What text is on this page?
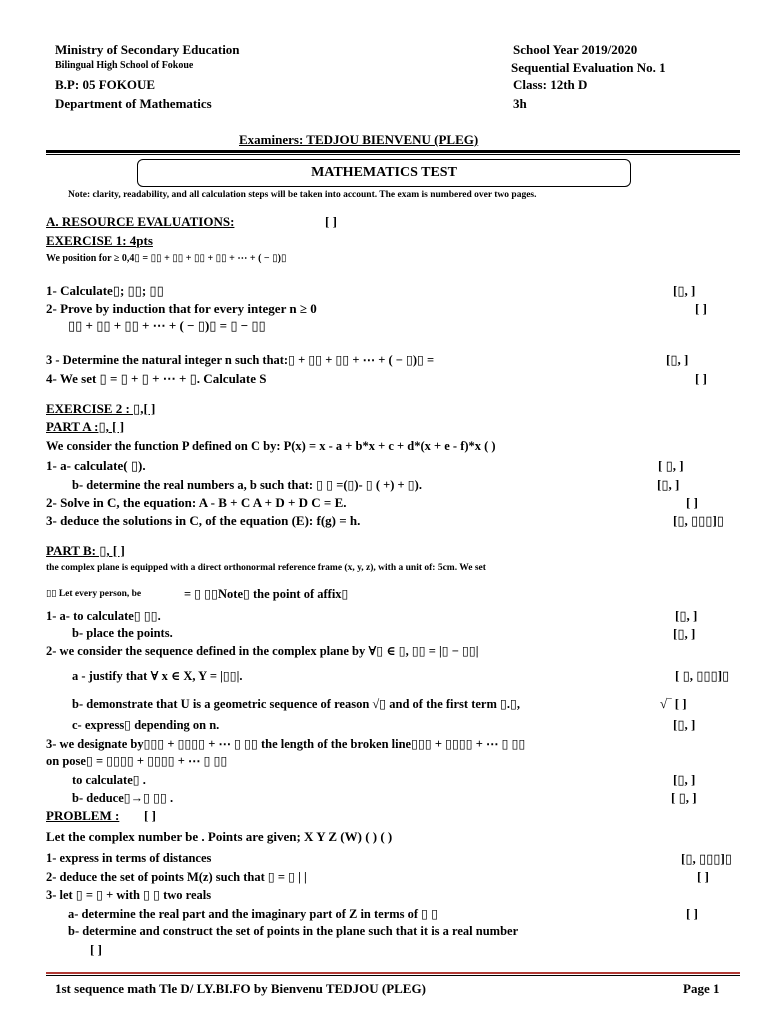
Ministry of Secondary Education
Bilingual High School of Fokoue
B.P: 05 FOKOUE
Department of Mathematics
School Year 2019/2020
Sequential Evaluation No. 1
Class: 12th D
3h
Examiners: TEDJOU BIENVENU (PLEG)
MATHEMATICS TEST
Note: clarity, readability, and all calculation steps will be taken into account. The exam is numbered over two pages.
A. RESOURCE EVALUATIONS:	[ ]
EXERCISE 1: 4pts
We position for ≥ 0,4▯ = ▯▯ + ▯▯ + ▯▯ + ▯▯ + ⋯ + ( − ▯)▯
1- Calculate▯; ▯▯; ▯▯	[▯, ]
2- Prove by induction that for every integer n ≥ 0	[ ]
▯▯ + ▯▯ + ▯▯ + ⋯ + ( − ▯)▯ = ▯ − ▯▯
3 - Determine the natural integer n such that:▯ + ▯▯ + ▯▯ + ⋯ + ( − ▯)▯ =	[▯, ]
4- We set ▯ = ▯ + ▯ + ⋯ + ▯. Calculate S	[ ]
EXERCISE 2 : ▯,[ ]
PART A :▯, [ ]
We consider the function P defined on C by: P(x) = x - a + b*x + c + d*(x + e - f)*x ( )
1- a- calculate( ▯).	[ ▯, ]
b- determine the real numbers a, b such that: ▯ ▯ =(▯)- ▯ ( +) + ▯).	[▯, ]
2- Solve in C, the equation: A - B + C A + D + D C = E.	[ ]
3- deduce the solutions in C, of the equation (E): f(g) = h.	[▯, ▯▯▯]▯
PART B: ▯, [ ]
the complex plane is equipped with a direct orthonormal reference frame (x, y, z), with a unit of: 5cm. We set
▯▯ Let every person, be	= ▯ ▯▯Note▯ the point of affix▯
1- a- to calculate▯ ▯▯.	[▯, ]
b- place the points.	[▯, ]
2- we consider the sequence defined in the complex plane by ∀▯ ∈ ▯, ▯▯ = |▯ − ▯▯|
a - justify that ∀ x ∈ X, Y = |▯▯|.	[ ▯, ▯▯▯]▯
b- demonstrate that U is a geometric sequence of reason √▯ and of the first term ▯.▯,	√‾ [ ]
c- express▯ depending on n.	[▯, ]
3- we designate by▯▯▯ + ▯▯▯▯ + ⋯ ▯ ▯▯ the length of the broken line▯▯▯ + ▯▯▯▯ + ⋯ ▯ ▯▯
on pose▯ = ▯▯▯▯ + ▯▯▯▯ + ⋯ ▯ ▯▯
to calculate▯ .	[▯, ]
b- deduce▯→▯ ▯▯ .	[ ▯, ]
PROBLEM : [ ]
Let the complex number be . Points are given; X Y Z (W) ( ) ( )
1- express in terms of distances	[▯, ▯▯▯]▯
2- deduce the set of points M(z) such that ▯ = ▯ | |	[ ]
3- let ▯ = ▯ + with ▯ ▯ two reals
a- determine the real part and the imaginary part of Z in terms of ▯ ▯	[ ]
b- determine and construct the set of points in the plane such that it is a real number
[ ]
1st sequence math Tle D/ LY.BI.FO by Bienvenu TEDJOU (PLEG)	Page 1
